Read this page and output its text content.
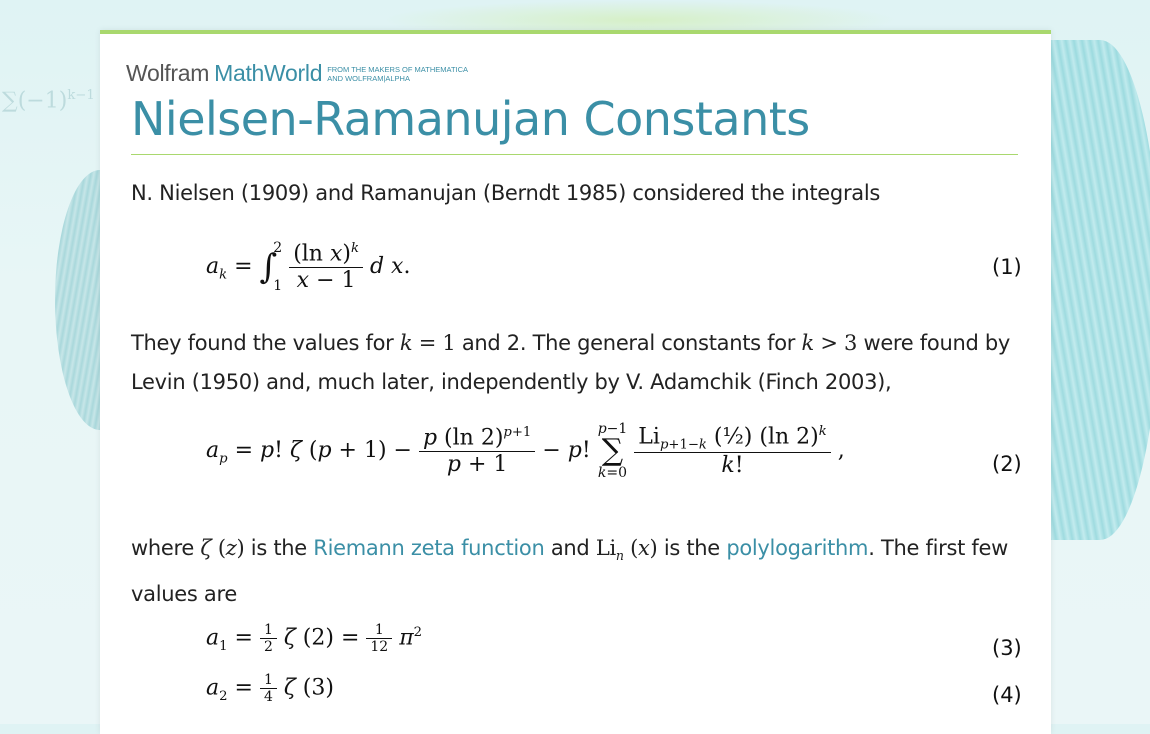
$\sum(-1)^{k-1}$
Wolfram MathWorld FROM THE MAKERS OF MATHEMATICA
AND WOLFRAM|ALPHA
Nielsen-Ramanujan Constants
N. Nielsen (1909) and Ramanujan (Berndt 1985) considered the integrals
$a_k$ = ∫
2
1
$\frac{(\ln x)^k}{x - 1}$ d x.	(1)
They found the values for k = 1 and 2. The general constants for k > 3 were found by
Levin (1950) and, much later, independently by V. Adamchik (Finch 2003),
$a_p = p$! ζ $(p + 1) - \frac{p (\ln 2)^{p+1}}{p + 1} - p$!
p−1
∑
k=0
$\frac{Li_{p+1-k} (\frac{1}{2}) (\ln 2)^k}{k!}$ ,
(2)
where ζ (z) is the Riemann zeta function and $Li_n$ (x) is the polylogarithm. The first few
values are
$a_1 = \frac{1}{2}$ ζ $(2) = \frac{1}{12} \pi^2$
(3)
$a_2 = \frac{1}{4}$ ζ (3)	(4)
